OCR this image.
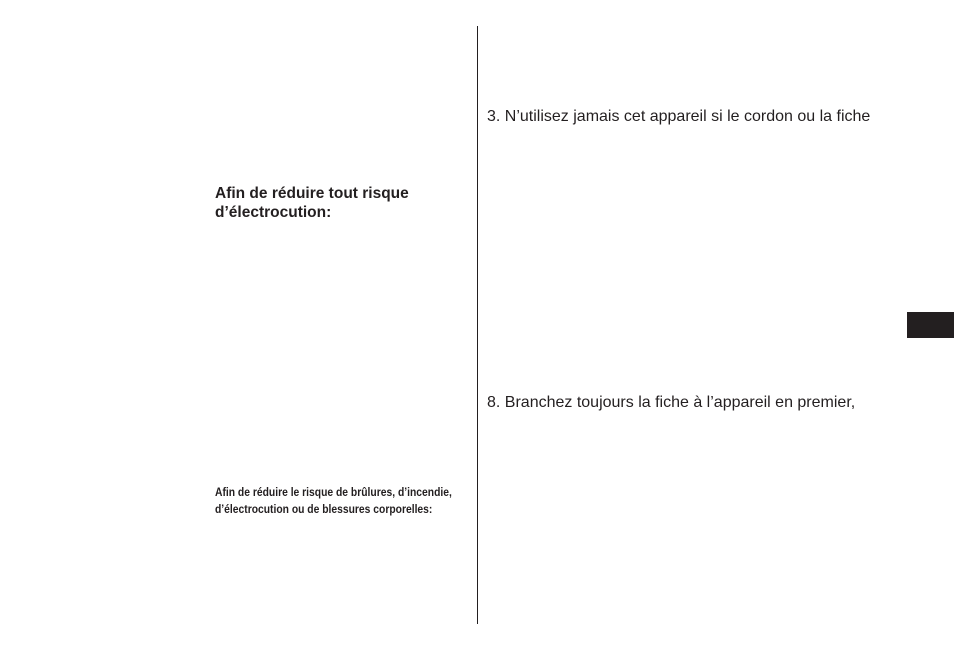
Afin de réduire tout risque
d’électrocution:
Afin de réduire le risque de brûlures, d’incendie,
d’électrocution ou de blessures corporelles:

3. N’utilisez jamais cet appareil si le cordon ou la fiche

8. Branchez toujours la fiche à l’appareil en premier,
